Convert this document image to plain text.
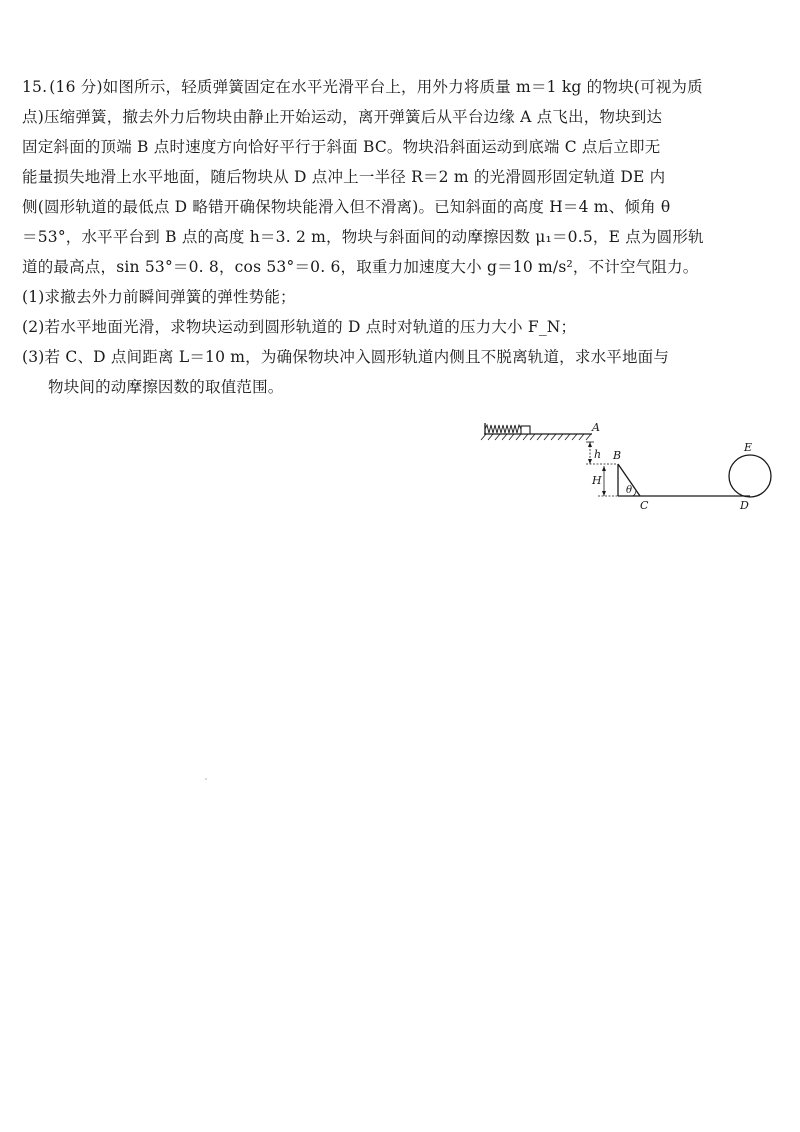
15. (16 分)如图所示，轻质弹簧固定在水平光滑平台上，用外力将质量 m＝1 kg 的物块(可视为质
点)压缩弹簧，撤去外力后物块由静止开始运动，离开弹簧后从平台边缘 A 点飞出，物块到达
固定斜面的顶端 B 点时速度方向恰好平行于斜面 BC。物块沿斜面运动到底端 C 点后立即无
能量损失地滑上水平地面，随后物块从 D 点冲上一半径 R＝2 m 的光滑圆形固定轨道 DE 内
侧(圆形轨道的最低点 D 略错开确保物块能滑入但不滑离)。已知斜面的高度 H＝4 m、倾角 θ
＝53°，水平平台到 B 点的高度 h＝3. 2 m，物块与斜面间的动摩擦因数 μ₁＝0.5，E 点为圆形轨
道的最高点，sin 53°＝0. 8，cos 53°＝0. 6，取重力加速度大小 g＝10 m/s²，不计空气阻力。

(1)求撤去外力前瞬间弹簧的弹性势能；

(2)若水平地面光滑，求物块运动到圆形轨道的 D 点时对轨道的压力大小 F_N；

(3)若 C、D 点间距离 L＝10 m，为确保物块冲入圆形轨道内侧且不脱离轨道，求水平地面与

物块间的动摩擦因数的取值范围。

A
h B
H
θ
C	D
E
